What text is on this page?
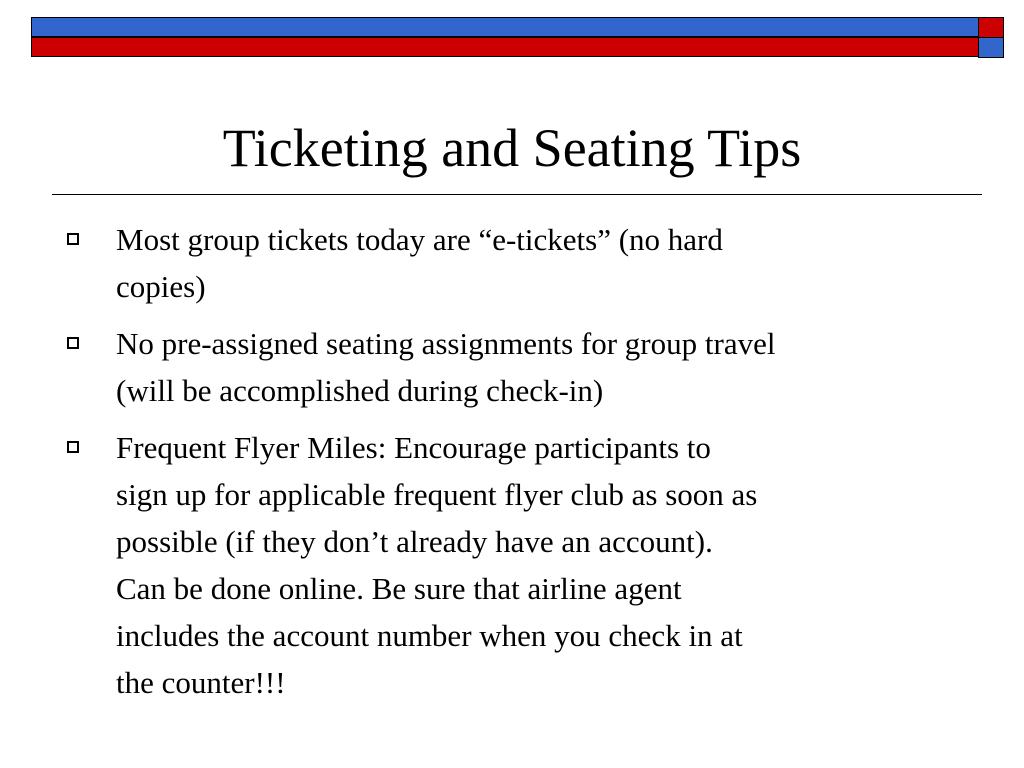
Ticketing and Seating Tips
Most group tickets today are “e-tickets” (no hard
copies)
No pre-assigned seating assignments for group travel
(will be accomplished during check-in)
Frequent Flyer Miles: Encourage participants to
sign up for applicable frequent flyer club as soon as
possible (if they don’t already have an account).
Can be done online. Be sure that airline agent
includes the account number when you check in at
the counter!!!
